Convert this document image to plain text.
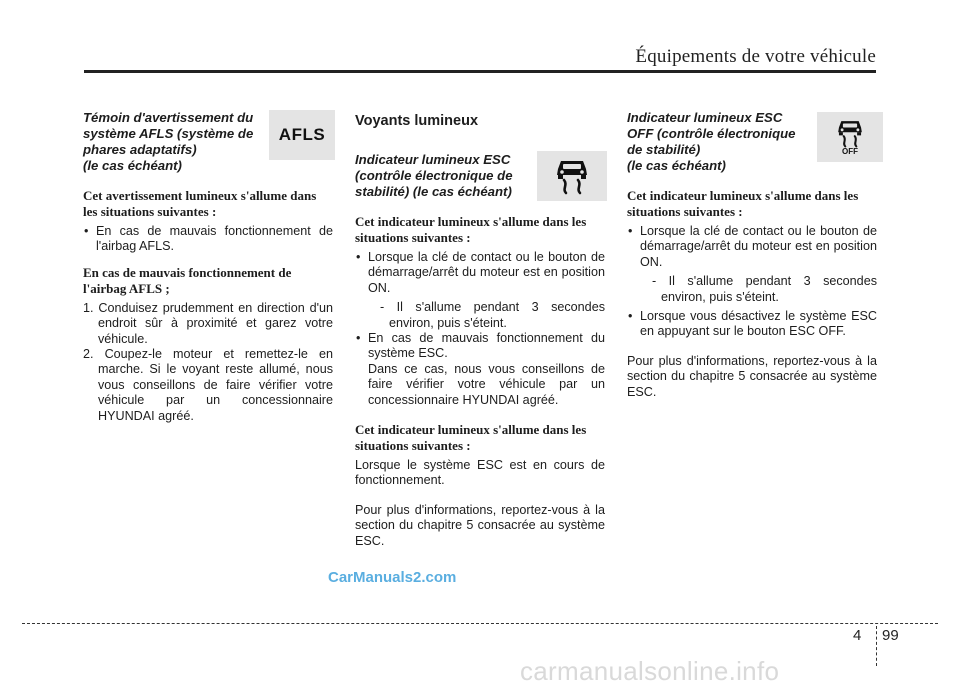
Équipements de votre véhicule
Témoin d'avertissement du
système AFLS (système de
phares adaptatifs)
(le cas échéant)
AFLS
Cet avertissement lumineux s'allume dans les situations suivantes :
• En cas de mauvais fonctionnement de l'airbag AFLS.
En cas de mauvais fonctionnement de
l'airbag AFLS ;
1. Conduisez prudemment en direction d'un endroit sûr à proximité et garez votre véhicule.
2. Coupez-le moteur et remettez-le en marche. Si le voyant reste allumé, nous vous conseillons de faire vérifier votre véhicule par un concessionnaire HYUNDAI agréé.
Voyants lumineux
Indicateur lumineux ESC
(contrôle électronique de
stabilité) (le cas échéant)
Cet indicateur lumineux s'allume dans les situations suivantes :
• Lorsque la clé de contact ou le bouton de démarrage/arrêt du moteur est en position ON.
- Il s'allume pendant 3 secondes environ, puis s'éteint.
• En cas de mauvais fonctionnement du système ESC.
Dans ce cas, nous vous conseillons de faire vérifier votre véhicule par un concessionnaire HYUNDAI agréé.
Cet indicateur lumineux s'allume dans les situations suivantes :
Lorsque le système ESC est en cours de fonctionnement.
Pour plus d'informations, reportez-vous à la section du chapitre 5 consacrée au système ESC.
Indicateur lumineux ESC
OFF (contrôle électronique
de stabilité)
(le cas échéant)
OFF
Cet indicateur lumineux s'allume dans les situations suivantes :
• Lorsque la clé de contact ou le bouton de démarrage/arrêt du moteur est en position ON.
- Il s'allume pendant 3 secondes environ, puis s'éteint.
• Lorsque vous désactivez le système ESC en appuyant sur le bouton ESC OFF.
Pour plus d'informations, reportez-vous à la section du chapitre 5 consacrée au système ESC.
CarManuals2.com
4 99
carmanualsonline.info
